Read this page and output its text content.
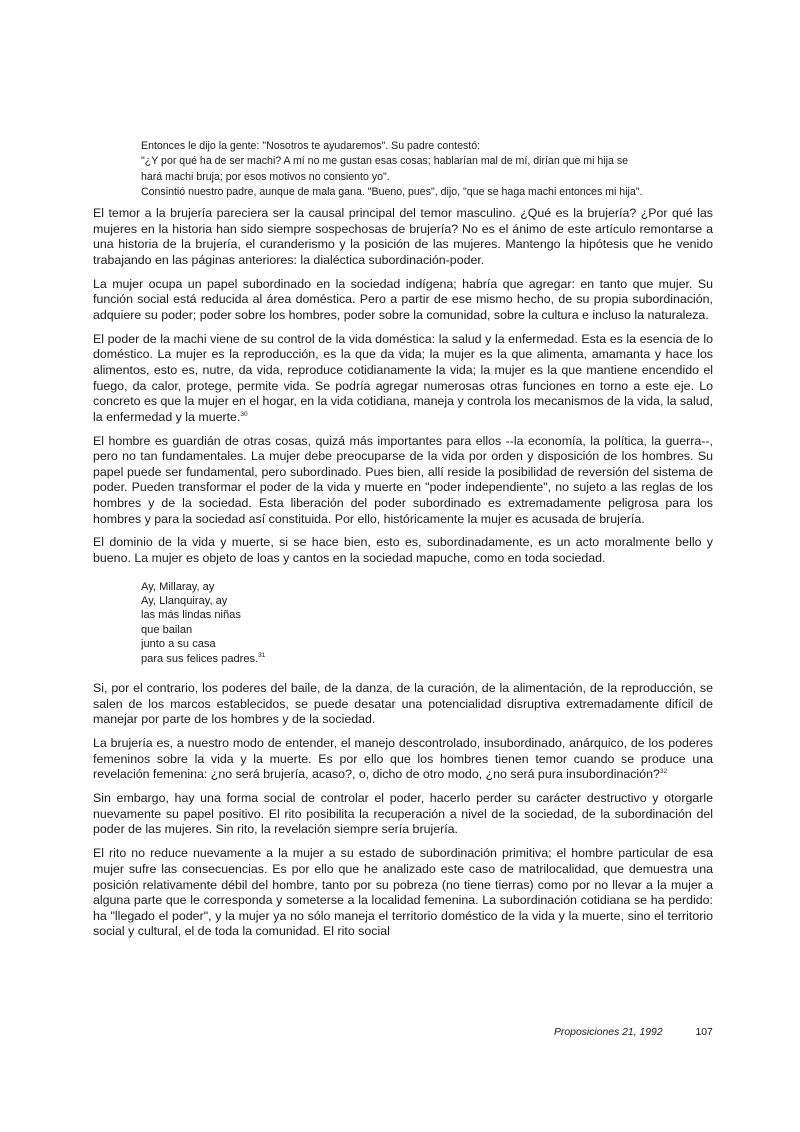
Entonces le dijo la gente: "Nosotros te ayudaremos". Su padre contestó:

"¿Y por qué ha de ser machi? A mí no me gustan esas cosas; hablarían mal de mí, dirían que mi hija se

hará machi bruja; por esos motivos no consiento yo".

Consintió nuestro padre, aunque de mala gana. "Bueno, pues", dijo, "que se haga machi entonces mi hija".

El temor a la brujería pareciera ser la causal principal del temor masculino. ¿Qué es la brujería? ¿Por qué las mujeres en la historia han sido siempre sospechosas de brujería? No es el ánimo de este artículo remontarse a una historia de la brujería, el curanderismo y la posición de las mujeres. Mantengo la hipótesis que he venido trabajando en las páginas anteriores: la dialéctica subordinación-poder.

La mujer ocupa un papel subordinado en la sociedad indígena; habría que agregar: en tanto que mujer. Su función social está reducida al área doméstica. Pero a partir de ese mismo hecho, de su propia subordinación, adquiere su poder; poder sobre los hombres, poder sobre la comunidad, sobre la cultura e incluso la naturaleza.

El poder de la machi viene de su control de la vida doméstica: la salud y la enfermedad. Esta es la esencia de lo doméstico. La mujer es la reproducción, es la que da vida; la mujer es la que alimenta, amamanta y hace los alimentos, esto es, nutre, da vida, reproduce cotidianamente la vida; la mujer es la que mantiene encendido el fuego, da calor, protege, permite vida. Se podría agregar numerosas otras funciones en torno a este eje. Lo concreto es que la mujer en el hogar, en la vida cotidiana, maneja y controla los mecanismos de la vida, la salud, la enfermedad y la muerte.$^{30}$

El hombre es guardián de otras cosas, quizá más importantes para ellos --la economía, la política, la guerra--, pero no tan fundamentales. La mujer debe preocuparse de la vida por orden y disposición de los hombres. Su papel puede ser fundamental, pero subordinado. Pues bien, allí reside la posibilidad de reversión del sistema de poder. Pueden transformar el poder de la vida y muerte en "poder independiente", no sujeto a las reglas de los hombres y de la sociedad. Esta liberación del poder subordinado es extremadamente peligrosa para los hombres y para la sociedad así constituida. Por ello, históricamente la mujer es acusada de brujería.

El dominio de la vida y muerte, si se hace bien, esto es, subordinadamente, es un acto moralmente bello y bueno. La mujer es objeto de loas y cantos en la sociedad mapuche, como en toda sociedad.

Ay, Millaray, ay
Ay, Llanquiray, ay
las más lindas niñas
que bailan
junto a su casa
para sus felices padres.$^{31}$

Si, por el contrario, los poderes del baile, de la danza, de la curación, de la alimentación, de la reproducción, se salen de los marcos establecidos, se puede desatar una potencialidad disruptiva extremadamente difícil de manejar por parte de los hombres y de la sociedad.

La brujería es, a nuestro modo de entender, el manejo descontrolado, insubordinado, anárquico, de los poderes femeninos sobre la vida y la muerte. Es por ello que los hombres tienen temor cuando se produce una revelación femenina: ¿no será brujería, acaso?, o, dicho de otro modo, ¿no será pura insubordinación?$^{32}$

Sin embargo, hay una forma social de controlar el poder, hacerlo perder su carácter destructivo y otorgarle nuevamente su papel positivo. El rito posibilita la recuperación a nivel de la sociedad, de la subordinación del poder de las mujeres. Sin rito, la revelación siempre sería brujería.

El rito no reduce nuevamente a la mujer a su estado de subordinación primitiva; el hombre particular de esa mujer sufre las consecuencias. Es por ello que he analizado este caso de matrilocalidad, que demuestra una posición relativamente débil del hombre, tanto por su pobreza (no tiene tierras) como por no llevar a la mujer a alguna parte que le corresponda y someterse a la localidad femenina. La subordinación cotidiana se ha perdido: ha "llegado el poder", y la mujer ya no sólo maneja el territorio doméstico de la vida y la muerte, sino el territorio social y cultural, el de toda la comunidad. El rito social

Proposiciones 21, 1992	107
